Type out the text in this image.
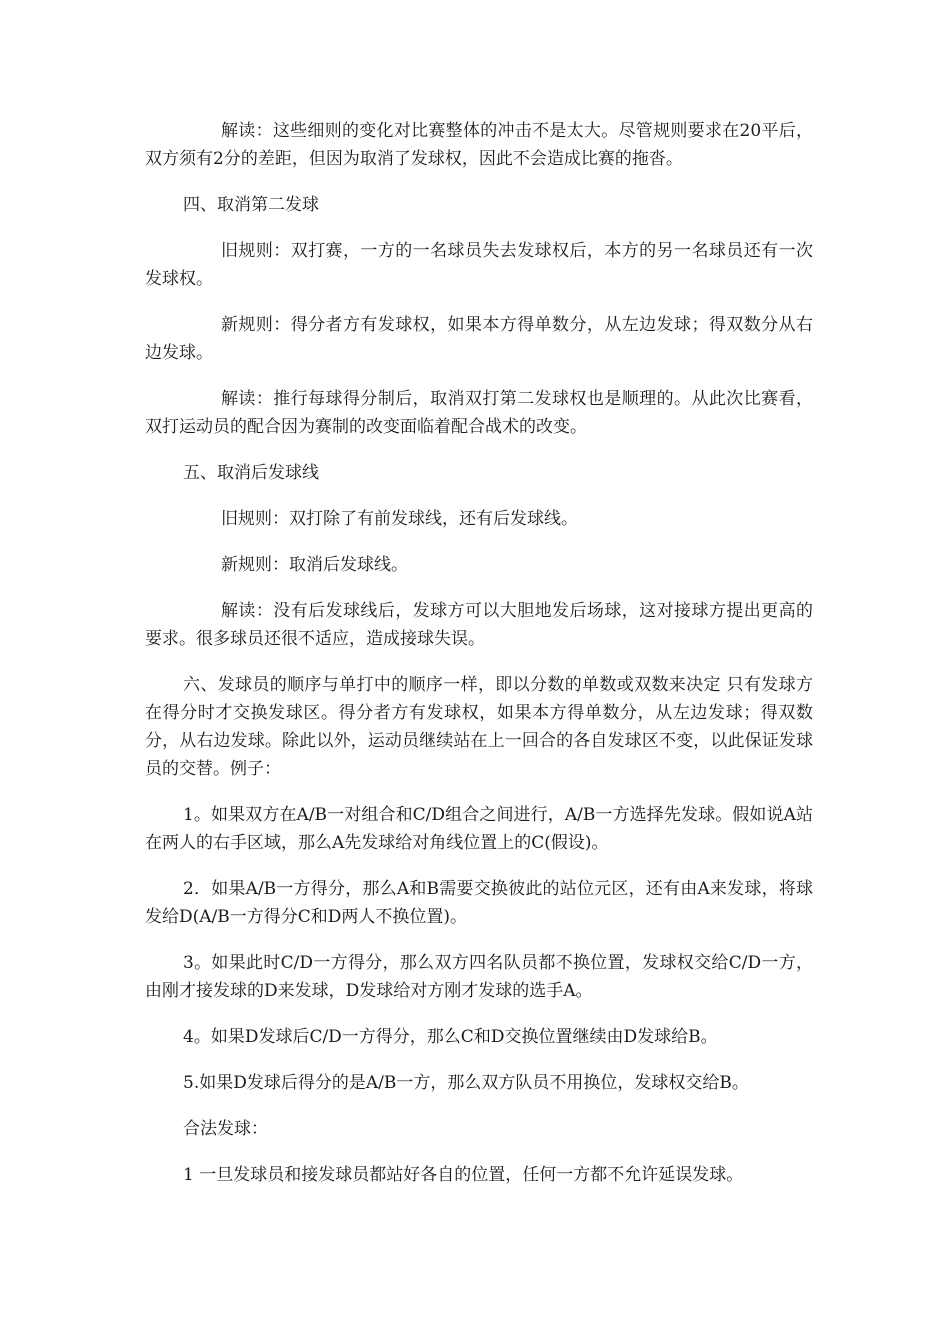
解读：这些细则的变化对比赛整体的冲击不是太大。尽管规则要求在20平后，双方须有2分的差距，但因为取消了发球权，因此不会造成比赛的拖沓。

四、取消第二发球

旧规则：双打赛，一方的一名球员失去发球权后，本方的另一名球员还有一次发球权。

新规则：得分者方有发球权，如果本方得单数分，从左边发球；得双数分从右边发球。

解读：推行每球得分制后，取消双打第二发球权也是顺理的。从此次比赛看，双打运动员的配合因为赛制的改变面临着配合战术的改变。

五、取消后发球线

旧规则：双打除了有前发球线，还有后发球线。

新规则：取消后发球线。

解读：没有后发球线后，发球方可以大胆地发后场球，这对接球方提出更高的要求。很多球员还很不适应，造成接球失误。

六、发球员的顺序与单打中的顺序一样，即以分数的单数或双数来决定 只有发球方在得分时才交换发球区。得分者方有发球权，如果本方得单数分，从左边发球；得双数分，从右边发球。除此以外，运动员继续站在上一回合的各自发球区不变，以此保证发球员的交替。例子：

1。如果双方在A/B一对组合和C/D组合之间进行，A/B一方选择先发球。假如说A站在两人的右手区域，那么A先发球给对角线位置上的C(假设)。

2．如果A/B一方得分，那么A和B需要交换彼此的站位元区，还有由A来发球，将球发给D(A/B一方得分C和D两人不换位置)。

3。如果此时C/D一方得分，那么双方四名队员都不换位置，发球权交给C/D一方，由刚才接发球的D来发球，D发球给对方刚才发球的选手A。

4。如果D发球后C/D一方得分，那么C和D交换位置继续由D发球给B。

5.如果D发球后得分的是A/B一方，那么双方队员不用换位，发球权交给B。

合法发球：

1 一旦发球员和接发球员都站好各自的位置，任何一方都不允许延误发球。
